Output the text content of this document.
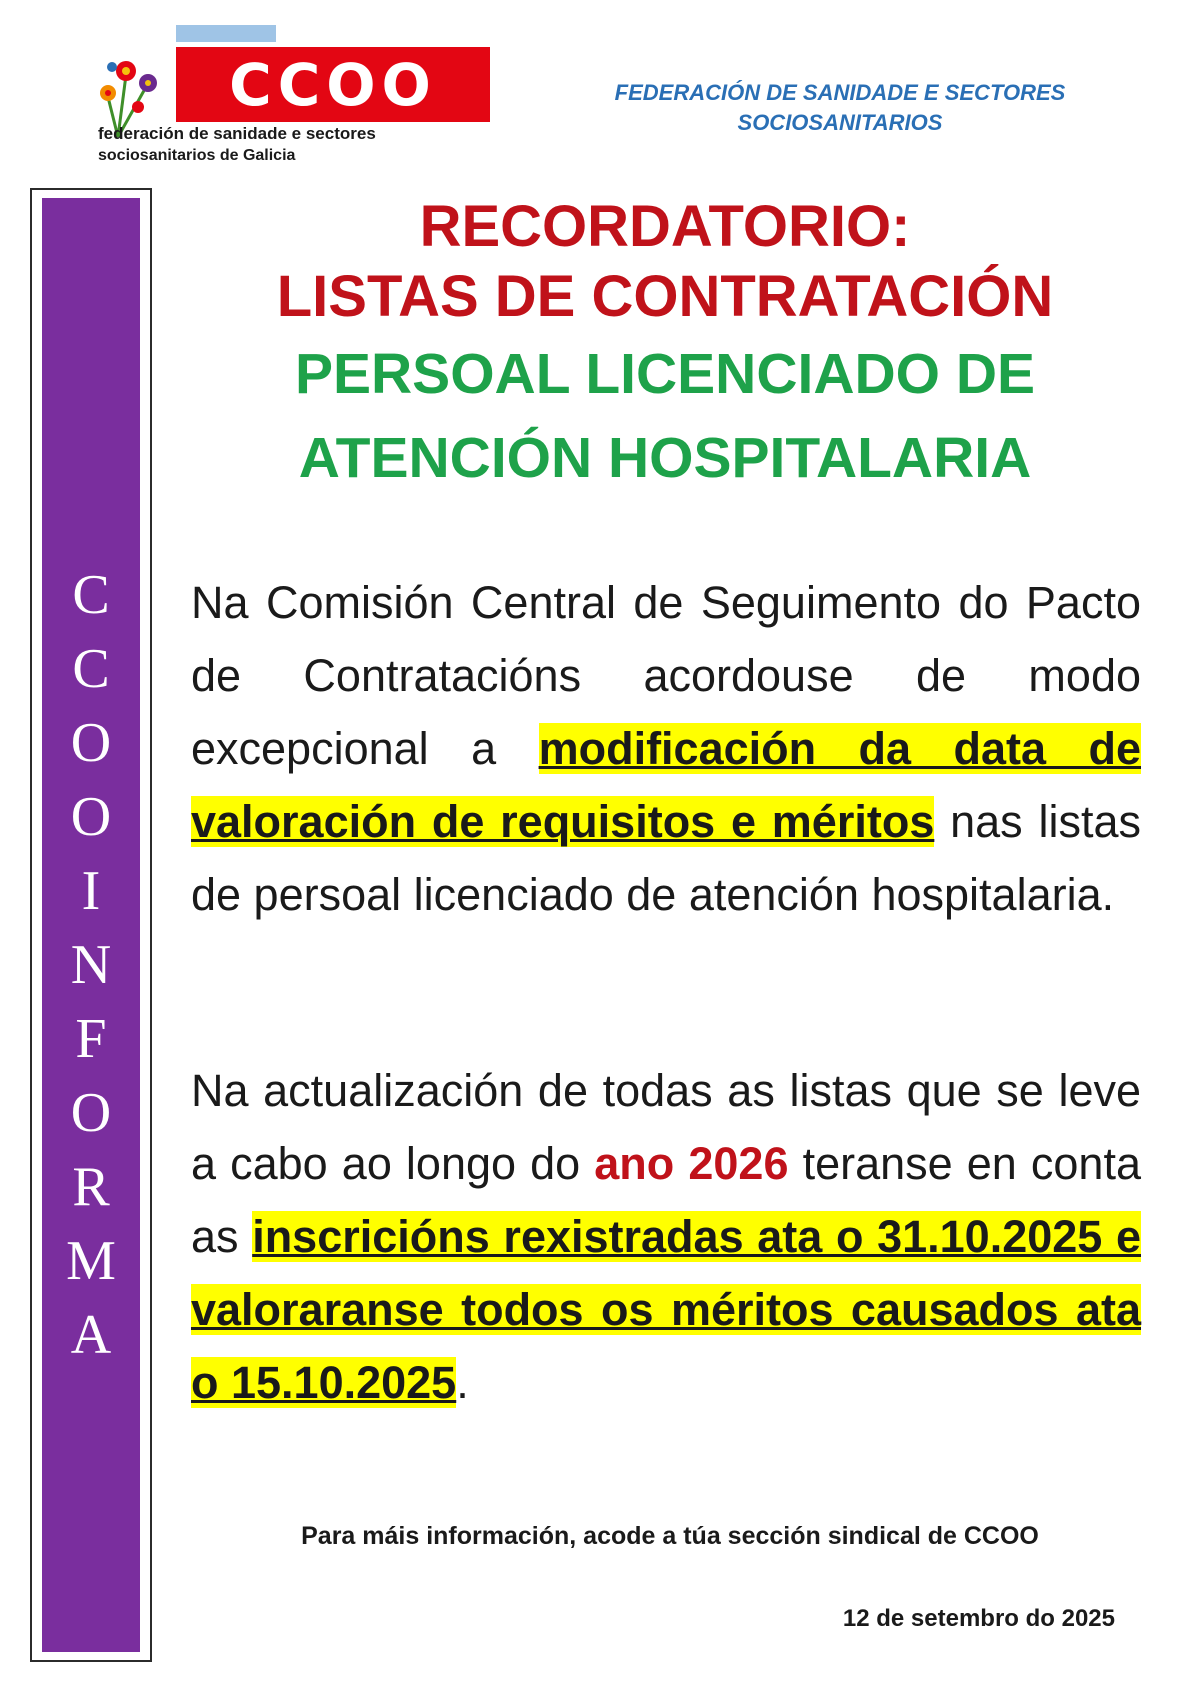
CCOO
federación de sanidade e sectores
sociosanitarios de Galicia
FEDERACIÓN DE SANIDADE E SECTORES
SOCIOSANITARIOS
C
C
O
O
I
N
F
O
R
M
A
RECORDATORIO:
LISTAS DE CONTRATACIÓN
PERSOAL LICENCIADO DE
ATENCIÓN HOSPITALARIA
Na Comisión Central de Seguimento do Pacto de Contratacións acordouse de modo excepcional a modificación da data de valoración de requisitos e méritos nas listas de persoal licenciado de atención hospitalaria.
Na actualización de todas as listas que se leve a cabo ao longo do ano 2026 teranse en conta as inscricións rexistradas ata o 31.10.2025 e valoraranse todos os méritos causados ata o 15.10.2025.
Para máis información, acode a túa sección sindical de CCOO
12 de setembro do 2025
